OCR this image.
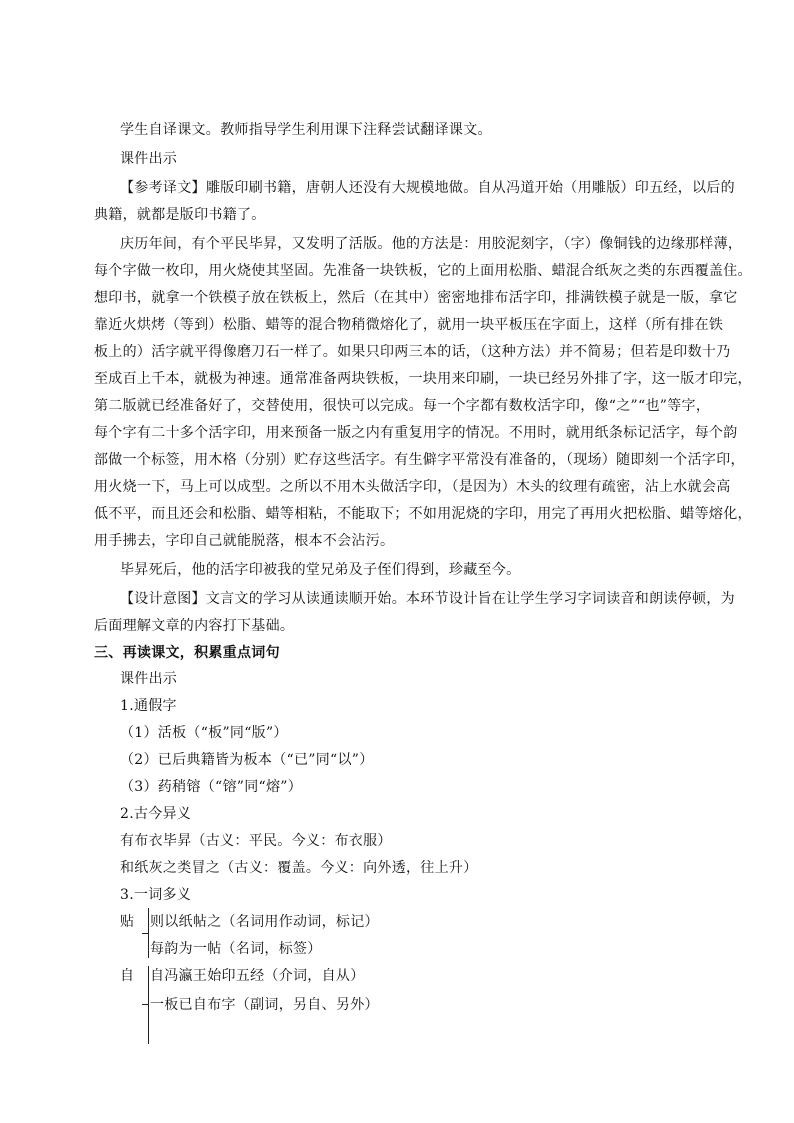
学生自译课文。教师指导学生利用课下注释尝试翻译课文。
课件出示
【参考译文】雕版印刷书籍，唐朝人还没有大规模地做。自从冯道开始（用雕版）印五经，以后的
典籍，就都是版印书籍了。
庆历年间，有个平民毕昇，又发明了活版。他的方法是：用胶泥刻字，（字）像铜钱的边缘那样薄，
每个字做一枚印，用火烧使其坚固。先准备一块铁板，它的上面用松脂、蜡混合纸灰之类的东西覆盖住。
想印书，就拿一个铁模子放在铁板上，然后（在其中）密密地排布活字印，排满铁模子就是一版，拿它
靠近火烘烤（等到）松脂、蜡等的混合物稍微熔化了，就用一块平板压在字面上，这样（所有排在铁
板上的）活字就平得像磨刀石一样了。如果只印两三本的话，（这种方法）并不简易；但若是印数十乃
至成百上千本，就极为神速。通常准备两块铁板，一块用来印刷，一块已经另外排了字，这一版才印完，
第二版就已经准备好了，交替使用，很快可以完成。每一个字都有数枚活字印，像“之”“也”等字，
每个字有二十多个活字印，用来预备一版之内有重复用字的情况。不用时，就用纸条标记活字，每个韵
部做一个标签，用木格（分别）贮存这些活字。有生僻字平常没有准备的，（现场）随即刻一个活字印，
用火烧一下，马上可以成型。之所以不用木头做活字印，（是因为）木头的纹理有疏密，沾上水就会高
低不平，而且还会和松脂、蜡等相粘，不能取下；不如用泥烧的字印，用完了再用火把松脂、蜡等熔化，
用手拂去，字印自己就能脱落，根本不会沾污。
毕昇死后，他的活字印被我的堂兄弟及子侄们得到，珍藏至今。
【设计意图】文言文的学习从读通读顺开始。本环节设计旨在让学生学习字词读音和朗读停顿，为
后面理解文章的内容打下基础。
三、再读课文，积累重点词句
课件出示
1.通假字
（1）活板（“板”同“版”）
（2）已后典籍皆为板本（“已”同“以”）
（3）药稍镕（“镕”同“熔”）
2.古今异义
有布衣毕昇（古义：平民。今义：布衣服）
和纸灰之类冒之（古义：覆盖。今义：向外透，往上升）
3.一词多义
贴 则以纸帖之（名词用作动词，标记）
每韵为一帖（名词，标签）
自 自冯瀛王始印五经（介词，自从）
一板已自布字（副词，另自、另外）
